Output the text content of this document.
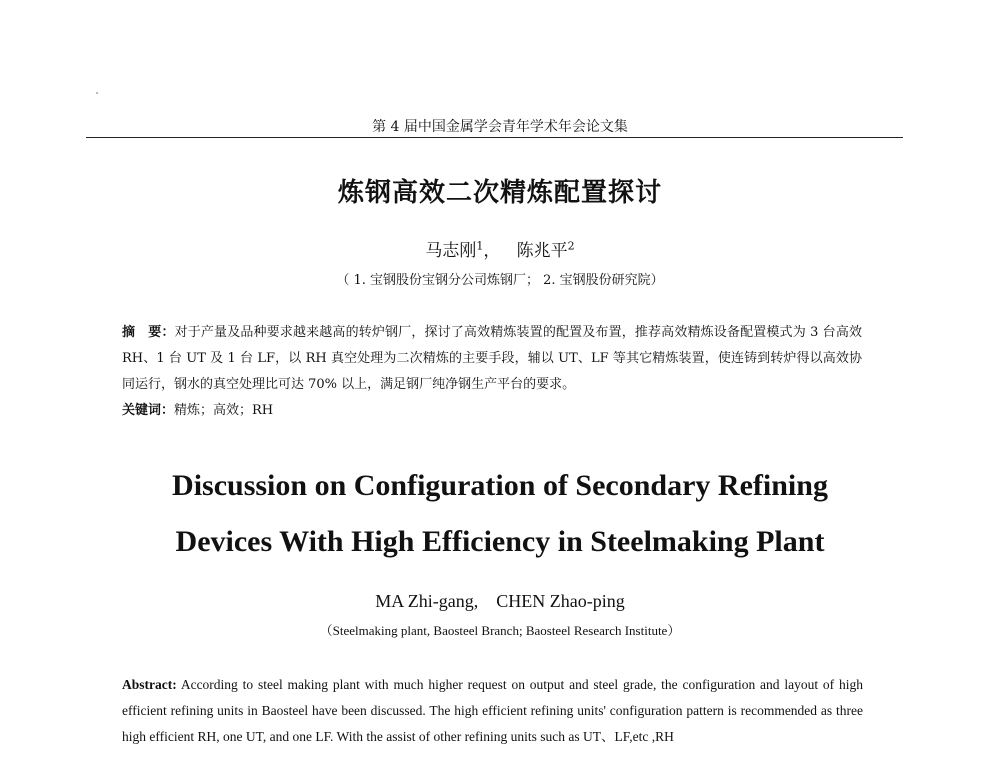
第 4 届中国金属学会青年学术年会论文集
炼钢高效二次精炼配置探讨
马志刚$^1$， 陈兆平$^2$
（ 1. 宝钢股份宝钢分公司炼钢厂； 2. 宝钢股份研究院）
摘　要：对于产量及品种要求越来越高的转炉钢厂，探讨了高效精炼装置的配置及布置，推荐高效精炼设备配置模式为 3 台高效 RH、1 台 UT 及 1 台 LF，以 RH 真空处理为二次精炼的主要手段，辅以 UT、LF 等其它精炼装置，使连铸到转炉得以高效协同运行，钢水的真空处理比可达 70% 以上，满足钢厂纯净钢生产平台的要求。
关键词：精炼；高效；RH
Discussion on Configuration of Secondary Refining
Devices With High Efficiency in Steelmaking Plant
MA Zhi-gang,    CHEN Zhao-ping
（Steelmaking plant, Baosteel Branch; Baosteel Research Institute）
Abstract: According to steel making plant with much higher request on output and steel grade, the configuration and layout of high efficient refining units in Baosteel have been discussed. The high efficient refining units' configuration pattern is recommended as three high efficient RH, one UT, and one LF. With the assist of other refining units such as UT、LF,etc ,RH
